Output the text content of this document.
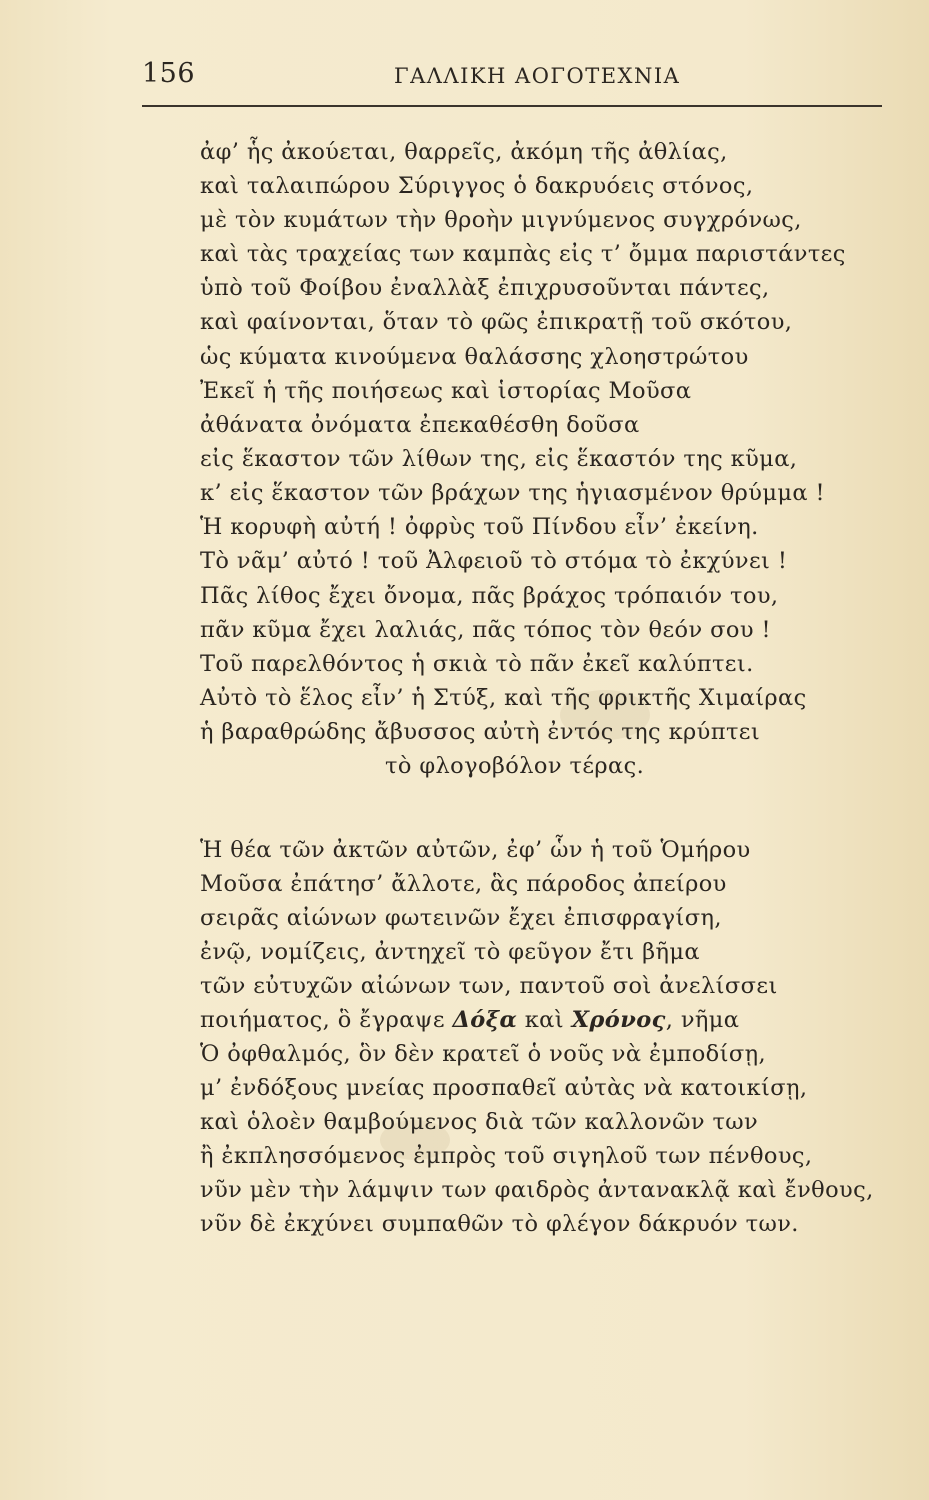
156	ΓΑΛΛΙΚΗ ΑΟΓΟΤΕΧΝΙΑ
ἀφ’ ἧς ἀκούεται, θαρρεῖς, ἀκόμη τῆς ἀθλίας,
καὶ ταλαιπώρου Σύριγγος ὁ δακρυόεις στόνος,
μὲ τὸν κυμάτων τὴν θροὴν μιγνύμενος συγχρόνως,
καὶ τὰς τραχείας των καμπὰς εἰς τ’ ὄμμα παριστάντες
ὑπὸ τοῦ Φοίβου ἐναλλὰξ ἐπιχρυσοῦνται πάντες,
καὶ φαίνονται, ὅταν τὸ φῶς ἐπικρατῇ τοῦ σκότου,
ὡς κύματα κινούμενα θαλάσσης χλοηστρώτου
Ἐκεῖ ἡ τῆς ποιήσεως καὶ ἱστορίας Μοῦσα
ἀθάνατα ὀνόματα ἐπεκαθέσθη δοῦσα
εἰς ἕκαστον τῶν λίθων της, εἰς ἕκαστόν της κῦμα,
κ’ εἰς ἕκαστον τῶν βράχων της ἡγιασμένον θρύμμα !
Ἡ κορυφὴ αὐτή ! ὀφρὺς τοῦ Πίνδου εἶν’ ἐκείνη.
Τὸ νᾶμ’ αὐτό ! τοῦ Ἀλφειοῦ τὸ στόμα τὸ ἐκχύνει !
Πᾶς λίθος ἔχει ὄνομα, πᾶς βράχος τρόπαιόν του,
πᾶν κῦμα ἔχει λαλιάς, πᾶς τόπος τὸν θεόν σου !
Τοῦ παρελθόντος ἡ σκιὰ τὸ πᾶν ἐκεῖ καλύπτει.
Αὐτὸ τὸ ἕλος εἶν’ ἡ Στύξ, καὶ τῆς φρικτῆς Χιμαίρας
ἡ βαραθρώδης ἄβυσσος αὐτὴ ἐντός της κρύπτει
τὸ φλογοβόλον τέρας.
Ἡ θέα τῶν ἀκτῶν αὐτῶν, ἐφ’ ὧν ἡ τοῦ Ὁμήρου
Μοῦσα ἐπάτησ’ ἄλλοτε, ἃς πάροδος ἀπείρου
σειρᾶς αἰώνων φωτεινῶν ἔχει ἐπισφραγίση,
ἐνῷ, νομίζεις, ἀντηχεῖ τὸ φεῦγον ἔτι βῆμα
τῶν εὐτυχῶν αἰώνων των, παντοῦ σοὶ ἀνελίσσει
ποιήματος, ὃ ἔγραψε Δόξα καὶ Χρόνος, νῆμα
Ὁ ὀφθαλμός, ὃν δὲν κρατεῖ ὁ νοῦς νὰ ἐμποδίσῃ,
μ’ ἐνδόξους μνείας προσπαθεῖ αὐτὰς νὰ κατοικίσῃ,
καὶ ὁλοὲν θαμβούμενος διὰ τῶν καλλονῶν των
ἢ ἐκπλησσόμενος ἐμπρὸς τοῦ σιγηλοῦ των πένθους,
νῦν μὲν τὴν λάμψιν των φαιδρὸς ἀντανακλᾷ καὶ ἔνθους,
νῦν δὲ ἐκχύνει συμπαθῶν τὸ φλέγον δάκρυόν των.
